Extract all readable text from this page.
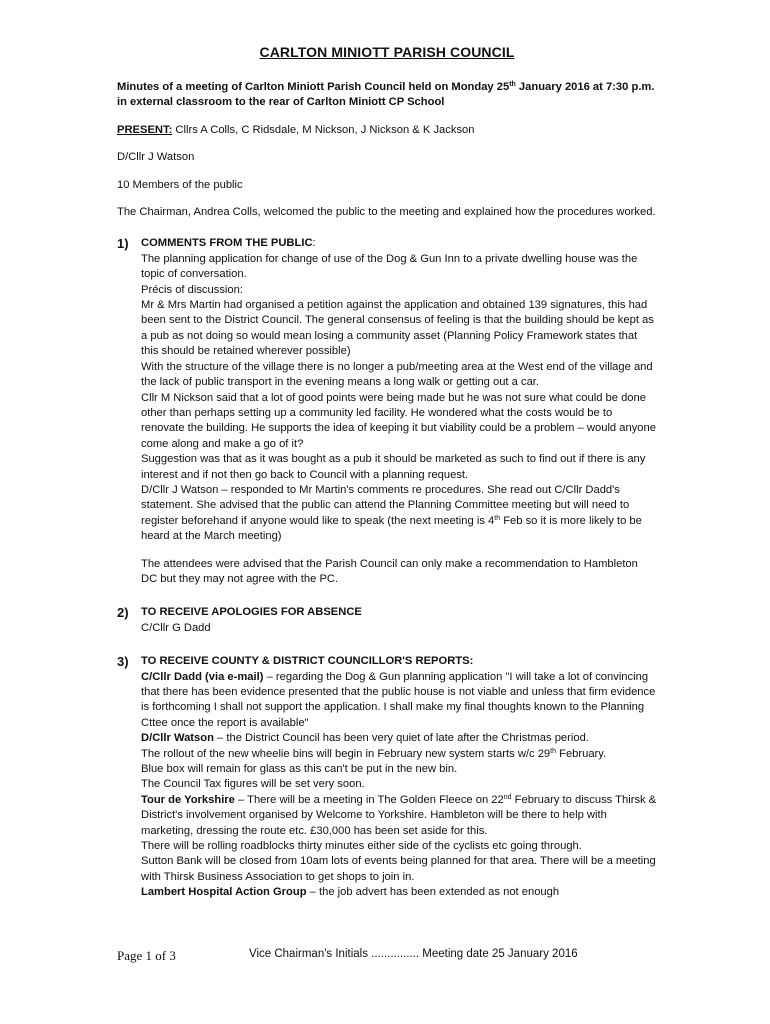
CARLTON MINIOTT PARISH COUNCIL

Minutes of a meeting of Carlton Miniott Parish Council held on Monday 25th January 2016 at 7:30 p.m. in external classroom to the rear of Carlton Miniott CP School

PRESENT: Cllrs A Colls, C Ridsdale, M Nickson, J Nickson & K Jackson

D/Cllr J Watson

10 Members of the public

The Chairman, Andrea Colls, welcomed the public to the meeting and explained how the procedures worked.

1) COMMENTS FROM THE PUBLIC:

The planning application for change of use of the Dog & Gun Inn to a private dwelling house was the topic of conversation.

Précis of discussion:

Mr & Mrs Martin had organised a petition against the application and obtained 139 signatures, this had been sent to the District Council. The general consensus of feeling is that the building should be kept as a pub as not doing so would mean losing a community asset (Planning Policy Framework states that this should be retained wherever possible)

With the structure of the village there is no longer a pub/meeting area at the West end of the village and the lack of public transport in the evening means a long walk or getting out a car.

Cllr M Nickson said that a lot of good points were being made but he was not sure what could be done other than perhaps setting up a community led facility. He wondered what the costs would be to renovate the building. He supports the idea of keeping it but viability could be a problem – would anyone come along and make a go of it?

Suggestion was that as it was bought as a pub it should be marketed as such to find out if there is any interest and if not then go back to Council with a planning request.

D/Cllr J Watson – responded to Mr Martin's comments re procedures. She read out C/Cllr Dadd's statement. She advised that the public can attend the Planning Committee meeting but will need to register beforehand if anyone would like to speak (the next meeting is 4th Feb so it is more likely to be heard at the March meeting)

The attendees were advised that the Parish Council can only make a recommendation to Hambleton DC but they may not agree with the PC.

2) TO RECEIVE APOLOGIES FOR ABSENCE

C/Cllr G Dadd

3) TO RECEIVE COUNTY & DISTRICT COUNCILLOR'S REPORTS:

C/Cllr Dadd (via e-mail) – regarding the Dog & Gun planning application "I will take a lot of convincing that there has been evidence presented that the public house is not viable and unless that firm evidence is forthcoming I shall not support the application. I shall make my final thoughts known to the Planning Cttee once the report is available"

D/Cllr Watson – the District Council has been very quiet of late after the Christmas period.

The rollout of the new wheelie bins will begin in February new system starts w/c 29th February.

Blue box will remain for glass as this can't be put in the new bin.

The Council Tax figures will be set very soon.

Tour de Yorkshire – There will be a meeting in The Golden Fleece on 22nd February to discuss Thirsk & District's involvement organised by Welcome to Yorkshire. Hambleton will be there to help with marketing, dressing the route etc. £30,000 has been set aside for this.

There will be rolling roadblocks thirty minutes either side of the cyclists etc going through.

Sutton Bank will be closed from 10am lots of events being planned for that area. There will be a meeting with Thirsk Business Association to get shops to join in.

Lambert Hospital Action Group – the job advert has been extended as not enough

Page 1 of 3	Vice Chairman's Initials ............... Meeting date 25 January 2016
